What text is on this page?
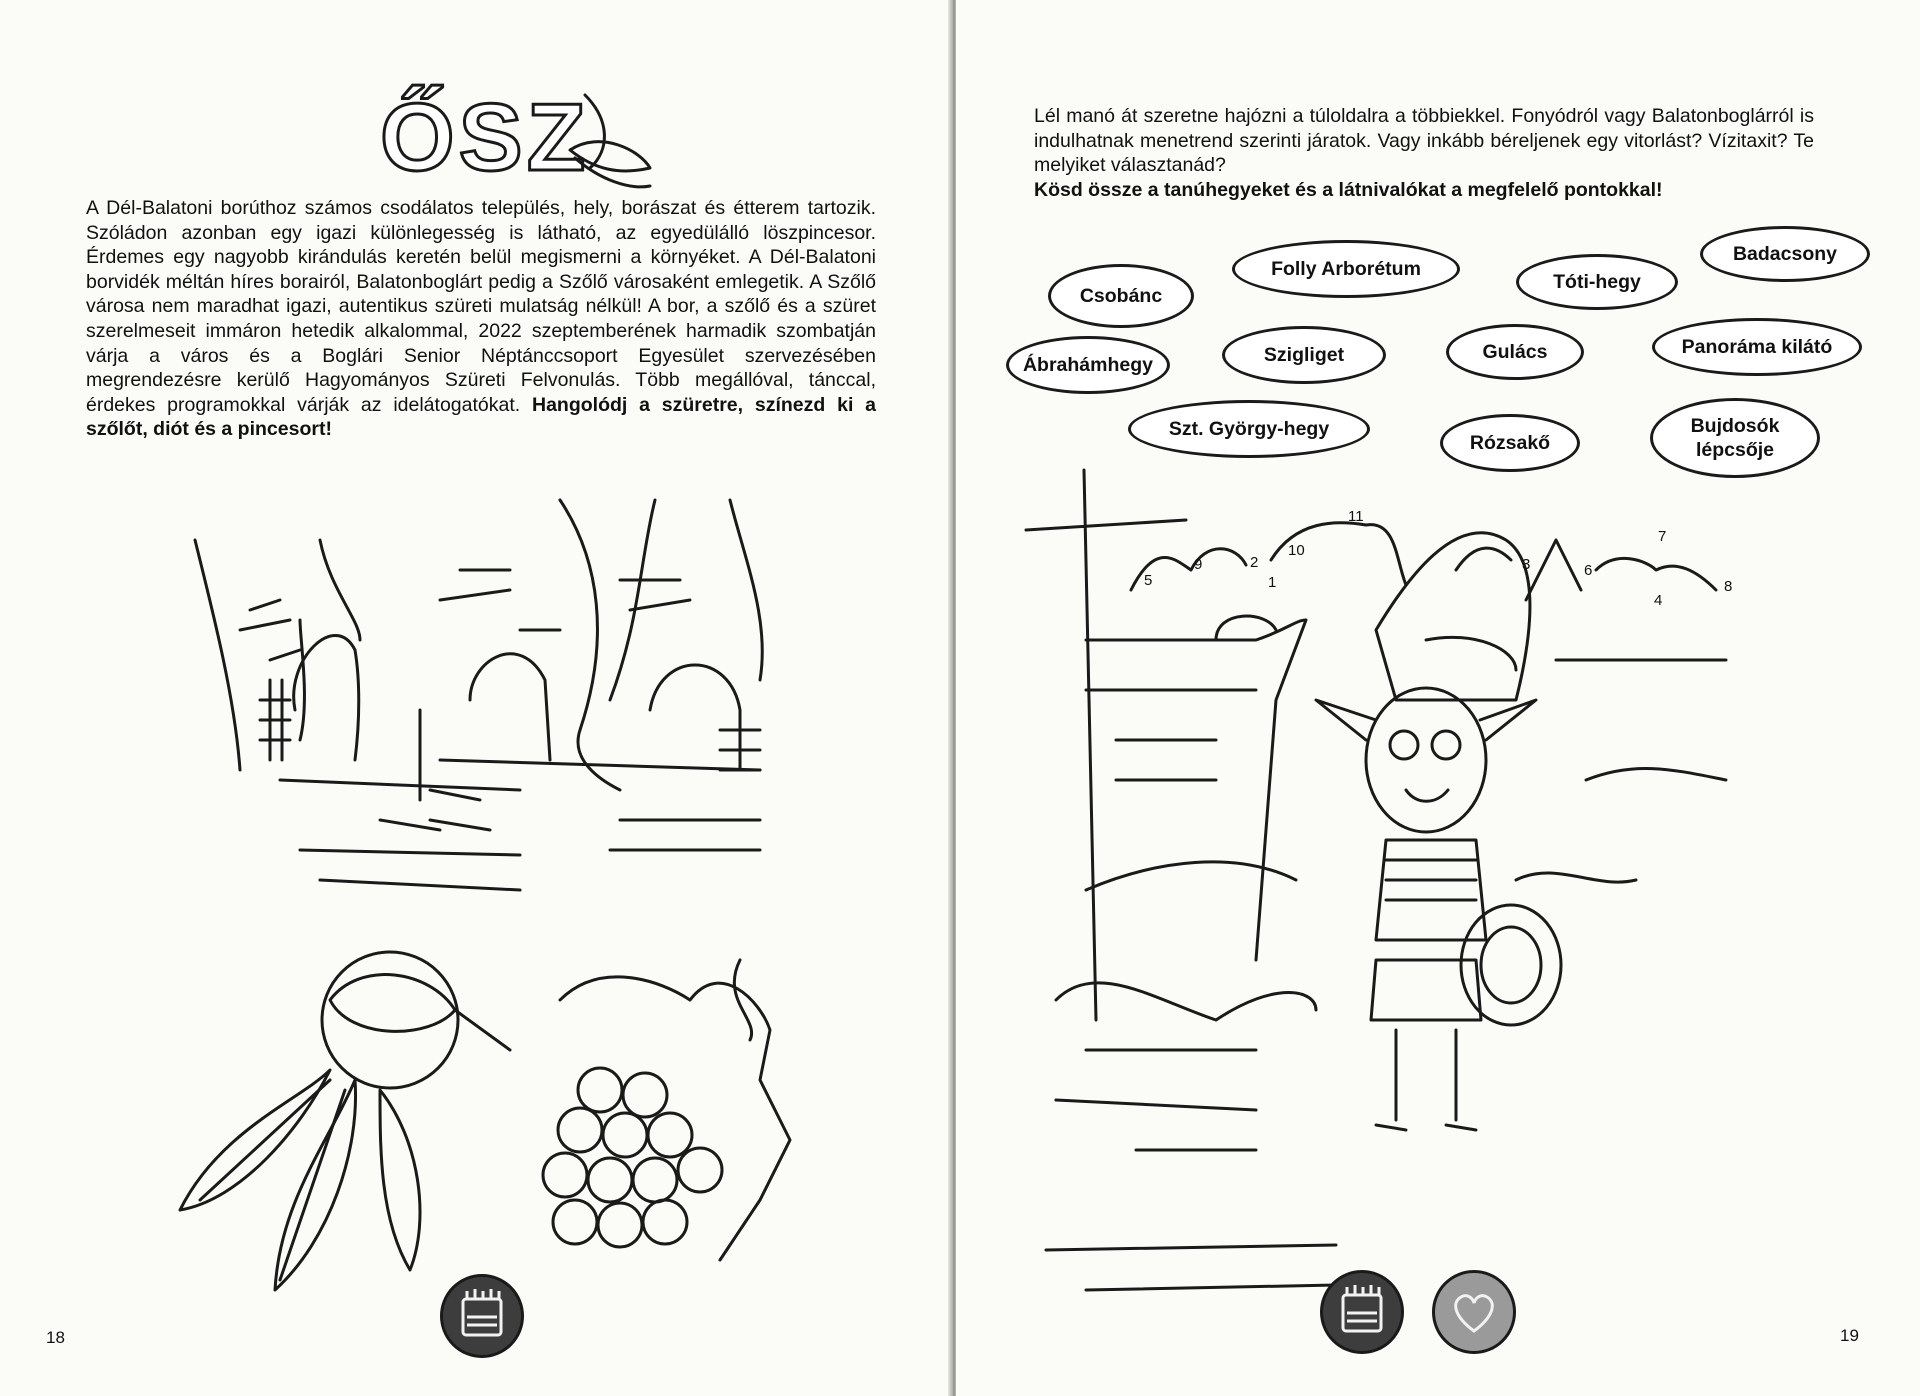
ŐSZ
A Dél-Balatoni borúthoz számos csodálatos település, hely, borászat és étterem tartozik. Szóládon azonban egy igazi különlegesség is látható, az egyedülálló löszpincesor. Érdemes egy nagyobb kirándulás keretén belül megismerni a környéket. A Dél-Balatoni borvidék méltán híres borairól, Balatonboglárt pedig a Szőlő városaként emlegetik. A Szőlő városa nem maradhat igazi, autentikus szüreti mulatság nélkül! A bor, a szőlő és a szüret szerelmeseit immáron hetedik alkalommal, 2022 szeptemberének harmadik szombatján várja a város és a Boglári Senior Néptánccsoport Egyesület szervezésében megrendezésre kerülő Hagyományos Szüreti Felvonulás. Több megállóval, tánccal, érdekes programokkal várják az idelátogatókat. Hangolódj a szüretre, színezd ki a szőlőt, diót és a pincesort!
18
Lél manó át szeretne hajózni a túloldalra a többiekkel. Fonyódról vagy Balatonboglárról is indulhatnak menetrend szerinti járatok. Vagy inkább béreljenek egy vitorlást? Vízitaxit? Te melyiket választanád?
Kösd össze a tanúhegyeket és a látnivalókat a megfelelő pontokkal!
Csobánc
Folly Arborétum
Tóti-hegy
Badacsony
Ábrahámhegy	Szigliget	Gulács	Panoráma kilátó
Szt. György-hegy
Rózsakő
Bujdosók lépcsője
5
9	2
1
10
11
3	6
7
4
8
19
